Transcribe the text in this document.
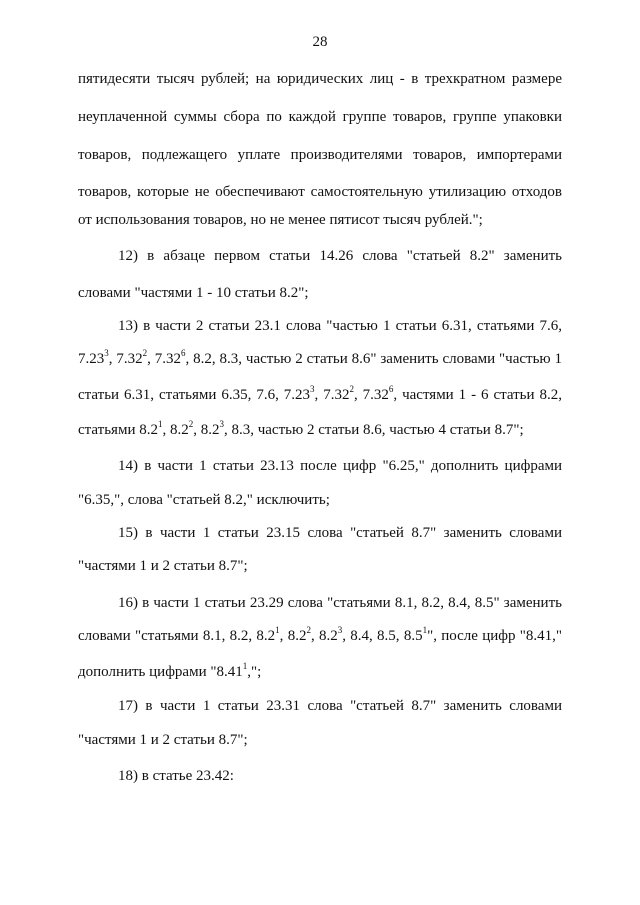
28
пятидесяти тысяч рублей; на юридических лиц - в трехкратном размере
неуплаченной суммы сбора по каждой группе товаров, группе упаковки
товаров, подлежащего уплате производителями товаров, импортерами
товаров, которые не обеспечивают самостоятельную утилизацию отходов
от использования товаров, но не менее пятисот тысяч рублей.";
12) в абзаце первом статьи 14.26 слова "статьей 8.2" заменить
словами "частями 1 - 10 статьи 8.2";
13) в части 2 статьи 23.1 слова "частью 1 статьи 6.31, статьями 7.6,
7.23$^3$, 7.32$^2$, 7.32$^6$, 8.2, 8.3, частью 2 статьи 8.6" заменить словами "частью 1
статьи 6.31, статьями 6.35, 7.6, 7.23$^3$, 7.32$^2$, 7.32$^6$, частями 1 - 6 статьи 8.2,
статьями $8.2^1$, $8.2^2$, $8.2^3$, 8.3, частью 2 статьи 8.6, частью 4 статьи 8.7";
14) в части 1 статьи 23.13 после цифр "6.25," дополнить цифрами
"6.35,", слова "статьей 8.2," исключить;
15) в части 1 статьи 23.15 слова "статьей 8.7" заменить словами
"частями 1 и 2 статьи 8.7";
16) в части 1 статьи 23.29 слова "статьями 8.1, 8.2, 8.4, 8.5" заменить
словами "статьями 8.1, 8.2, $8.2^1$, $8.2^2$, $8.2^3$, 8.4, 8.5, $8.5^1$", после цифр "8.41,"
дополнить цифрами "8.41$^1$,";
17) в части 1 статьи 23.31 слова "статьей 8.7" заменить словами
"частями 1 и 2 статьи 8.7";
18) в статье 23.42:
